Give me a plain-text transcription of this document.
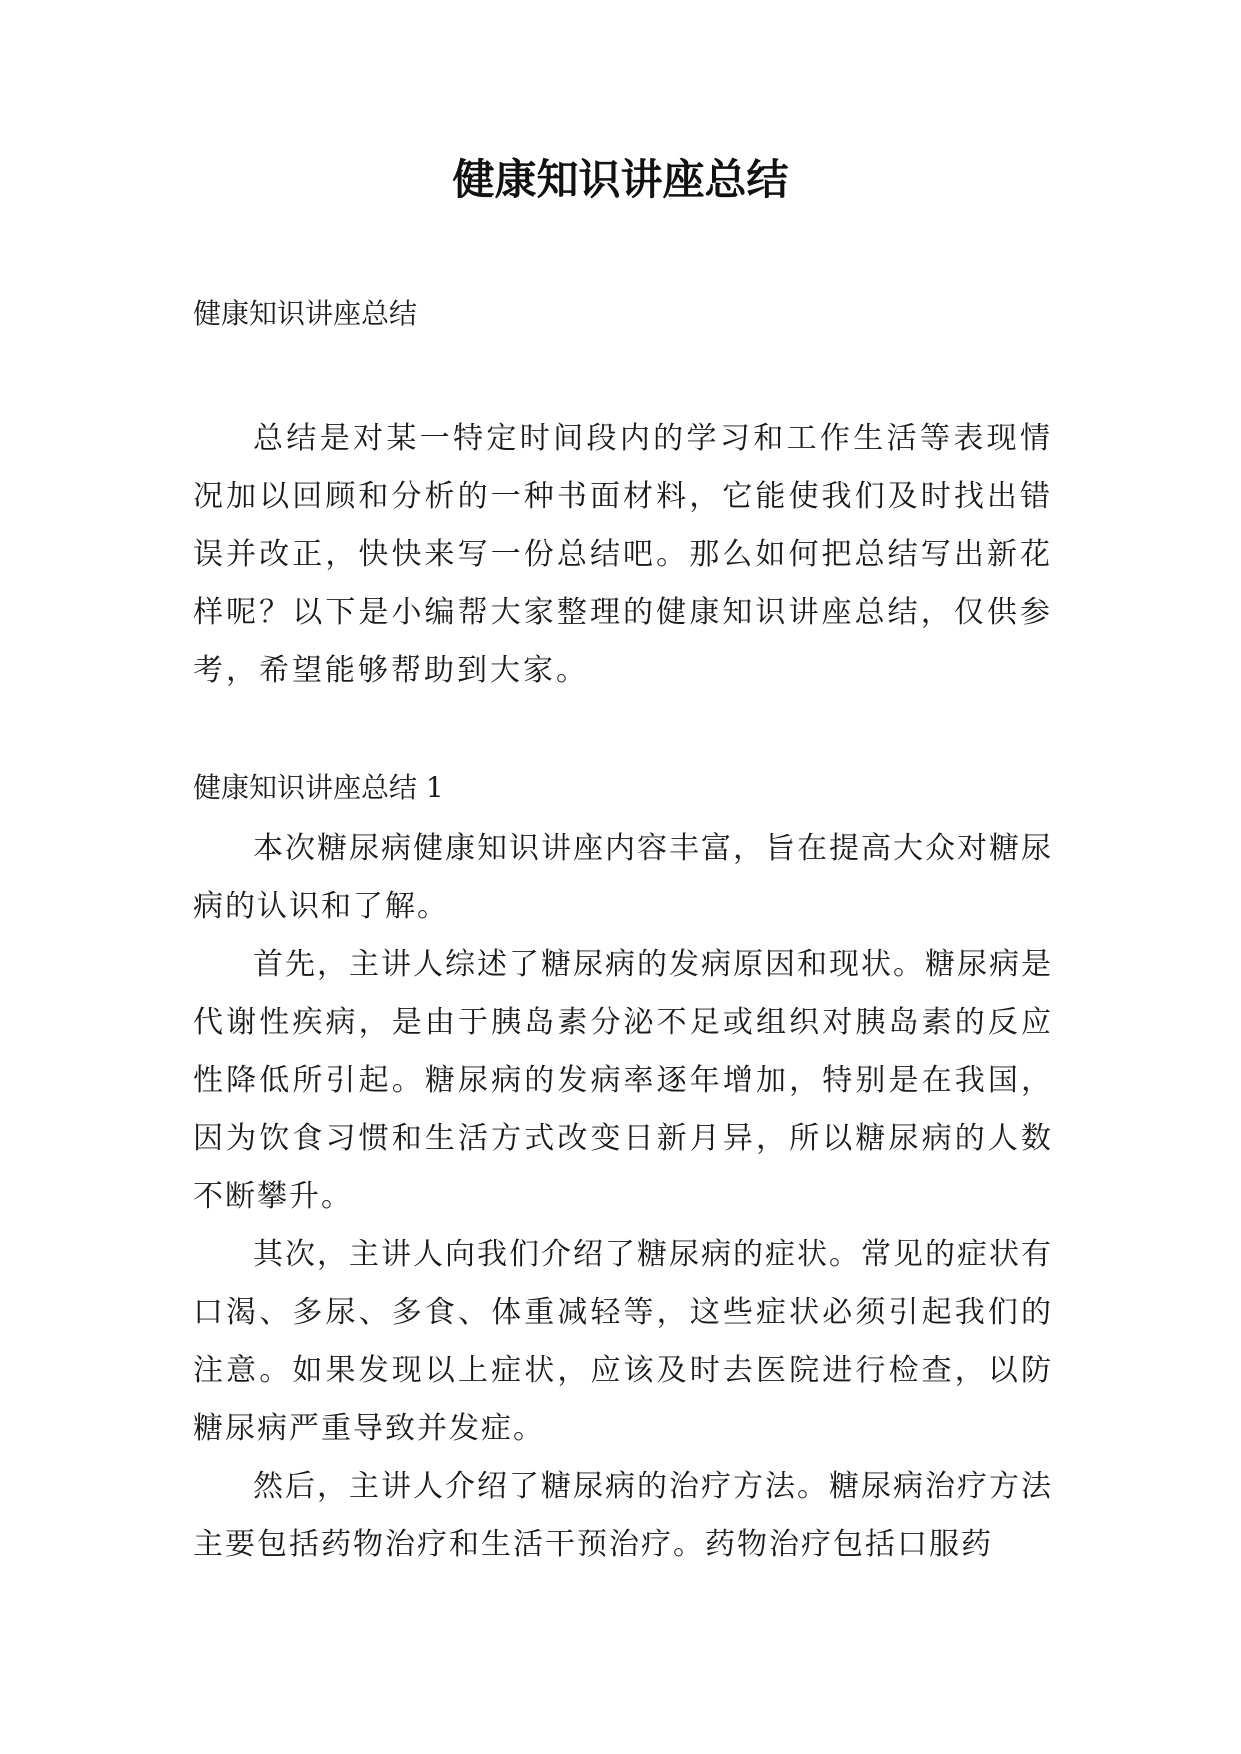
健康知识讲座总结

健康知识讲座总结

总结是对某一特定时间段内的学习和工作生活等表现情况加以回顾和分析的一种书面材料，它能使我们及时找出错误并改正，快快来写一份总结吧。那么如何把总结写出新花样呢？以下是小编帮大家整理的健康知识讲座总结，仅供参考，希望能够帮助到大家。

健康知识讲座总结 1

本次糖尿病健康知识讲座内容丰富，旨在提高大众对糖尿病的认识和了解。

首先，主讲人综述了糖尿病的发病原因和现状。糖尿病是代谢性疾病，是由于胰岛素分泌不足或组织对胰岛素的反应性降低所引起。糖尿病的发病率逐年增加，特别是在我国，因为饮食习惯和生活方式改变日新月异，所以糖尿病的人数不断攀升。

其次，主讲人向我们介绍了糖尿病的症状。常见的症状有口渴、多尿、多食、体重减轻等，这些症状必须引起我们的注意。如果发现以上症状，应该及时去医院进行检查，以防糖尿病严重导致并发症。

然后，主讲人介绍了糖尿病的治疗方法。糖尿病治疗方法主要包括药物治疗和生活干预治疗。药物治疗包括口服药
